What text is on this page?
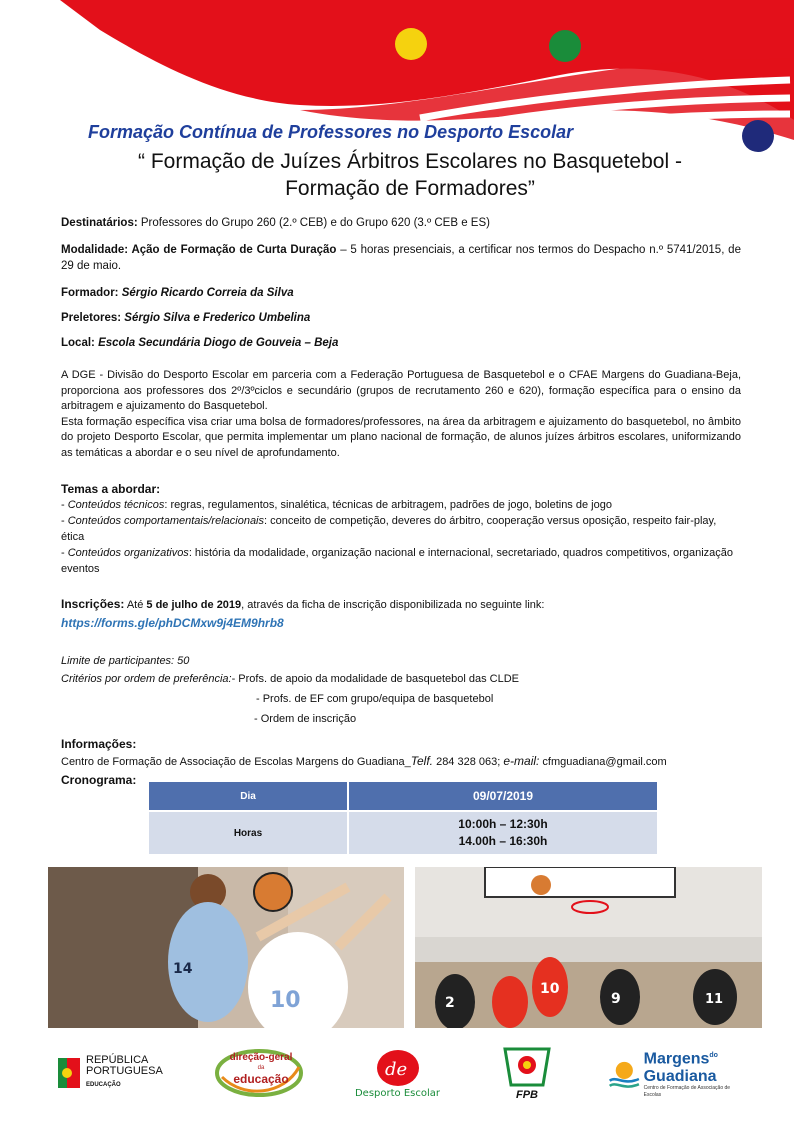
Formação Contínua de Professores no Desporto Escolar
“ Formação de Juízes Árbitros Escolares no Basquetebol -
Formação de Formadores”
Destinatários: Professores do Grupo 260 (2.º CEB) e do Grupo 620 (3.º CEB e ES)
Modalidade: Ação de Formação de Curta Duração – 5 horas presenciais, a certificar nos termos do Despacho n.º 5741/2015, de 29 de maio.
Formador: Sérgio Ricardo Correia da Silva
Preletores: Sérgio Silva e Frederico Umbelina
Local: Escola Secundária Diogo de Gouveia – Beja
A DGE - Divisão do Desporto Escolar em parceria com a Federação Portuguesa de Basquetebol e o CFAE Margens do Guadiana-Beja, proporciona aos professores dos 2º/3ºciclos e secundário (grupos de recrutamento 260 e 620), formação específica para o ensino da arbitragem e ajuizamento do Basquetebol.
Esta formação específica visa criar uma bolsa de formadores/professores, na área da arbitragem e ajuizamento do basquetebol, no âmbito do projeto Desporto Escolar, que permita implementar um plano nacional de formação, de alunos juízes árbitros escolares, uniformizando as temáticas a abordar e o seu nível de aprofundamento.
Temas a abordar:
- Conteúdos técnicos: regras, regulamentos, sinalética, técnicas de arbitragem, padrões de jogo, boletins de jogo
- Conteúdos comportamentais/relacionais: conceito de competição, deveres do árbitro, cooperação versus oposição, respeito fair-play, ética
- Conteúdos organizativos: história da modalidade, organização nacional e internacional, secretariado, quadros competitivos, organização eventos
Inscrições: Até 5 de julho de 2019, através da ficha de inscrição disponibilizada no seguinte link:
https://forms.gle/phDCMxw9j4EM9hrb8
Limite de participantes: 50
Critérios por ordem de preferência:- Profs. de apoio da modalidade de basquetebol das CLDE
- Profs. de EF com grupo/equipa de basquetebol
- Ordem de inscrição
Informações:
Centro de Formação de Associação de Escolas Margens do Guadiana_Telf. 284 328 063; e-mail: cfmguadiana@gmail.com
Cronograma:
Dia	09/07/2019
Horas	10:00h – 12:30h
14.00h – 16:30h
14
10	10
2	9	11
REPÚBLICA
PORTUGUESA
EDUCAÇÃO
direção-geral
da
educação	de
Desporto Escolar	FPB
Margens$^{do}$
Guadiana
Centro de Formação de Associação de Escolas
